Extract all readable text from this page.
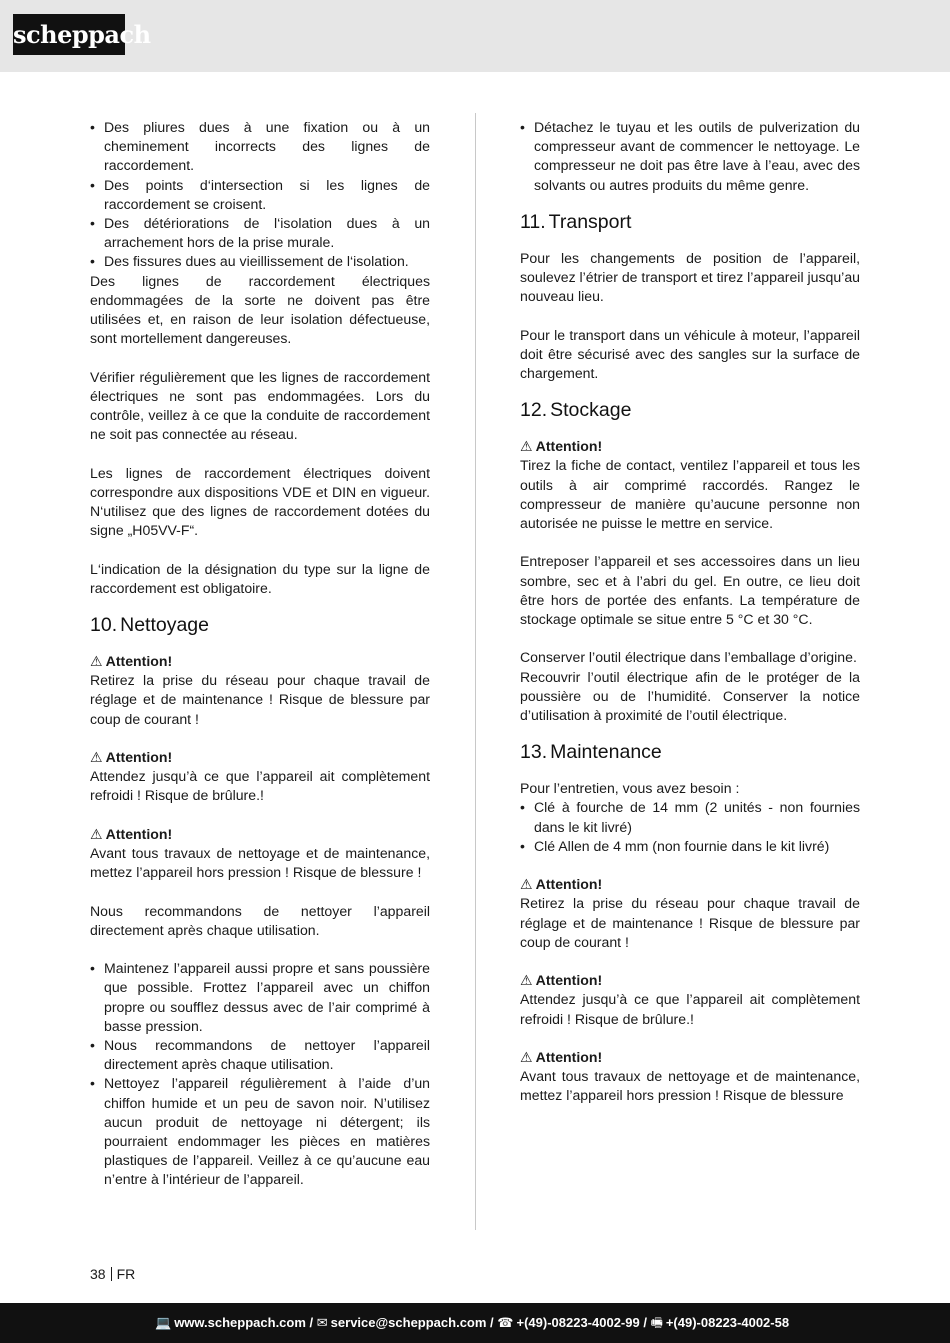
scheppach
• Des pliures dues à une fixation ou à un cheminement incorrects des lignes de raccordement.
• Des points d‘intersection si les lignes de raccordement se croisent.
• Des détériorations de l‘isolation dues à un arrachement hors de la prise murale.
• Des fissures dues au vieillissement de l‘isolation.

Des lignes de raccordement électriques endommagées de la sorte ne doivent pas être utilisées et, en raison de leur isolation défectueuse, sont mortellement dangereuses.

Vérifier régulièrement que les lignes de raccordement électriques ne sont pas endommagées. Lors du contrôle, veillez à ce que la conduite de raccordement ne soit pas connectée au réseau.

Les lignes de raccordement électriques doivent correspondre aux dispositions VDE et DIN en vigueur. N‘utilisez que des lignes de raccordement dotées du signe „H05VV-F“.

L‘indication de la désignation du type sur la ligne de raccordement est obligatoire.

10. Nettoyage

⚠ Attention!

Retirez la prise du réseau pour chaque travail de réglage et de maintenance ! Risque de blessure par coup de courant !

⚠ Attention!

Attendez jusqu’à ce que l’appareil ait complètement refroidi ! Risque de brûlure.!

⚠ Attention!

Avant tous travaux de nettoyage et de maintenance, mettez l’appareil hors pression ! Risque de blessure !

Nous recommandons de nettoyer l’appareil directement après chaque utilisation.

• Maintenez l’appareil aussi propre et sans poussière que possible. Frottez l’appareil avec un chiffon propre ou soufflez dessus avec de l’air comprimé à basse pression.
• Nous recommandons de nettoyer l’appareil directement après chaque utilisation.
• Nettoyez l’appareil régulièrement à l’aide d’un chiffon humide et un peu de savon noir. N’utilisez aucun produit de nettoyage ni détergent; ils pourraient endommager les pièces en matières plastiques de l’appareil. Veillez à ce qu’aucune eau n’entre à l’intérieur de l’appareil.
• Détachez le tuyau et les outils de pulverization du compresseur avant de commencer le nettoyage. Le compresseur ne doit pas être lave à l’eau, avec des solvants ou autres produits du même genre.
11. Transport

Pour les changements de position de l’appareil, soulevez l’étrier de transport et tirez l’appareil jusqu’au nouveau lieu.

Pour le transport dans un véhicule à moteur, l’appareil doit être sécurisé avec des sangles sur la surface de chargement.

12. Stockage

⚠ Attention!

Tirez la fiche de contact, ventilez l’appareil et tous les outils à air comprimé raccordés. Rangez le compresseur de manière qu’aucune personne non autorisée ne puisse le mettre en service.

Entreposer l’appareil et ses accessoires dans un lieu sombre, sec et à l’abri du gel. En outre, ce lieu doit être hors de portée des enfants. La température de stockage optimale se situe entre 5 °C et 30 °C.

Conserver l’outil électrique dans l’emballage d’origine.

Recouvrir l’outil électrique afin de le protéger de la poussière ou de l’humidité. Conserver la notice d’utilisation à proximité de l’outil électrique.

13. Maintenance

Pour l’entretien, vous avez besoin :

• Clé à fourche de 14 mm (2 unités - non fournies dans le kit livré)
• Clé Allen de 4 mm (non fournie dans le kit livré)

⚠ Attention!

Retirez la prise du réseau pour chaque travail de réglage et de maintenance ! Risque de blessure par coup de courant !

⚠ Attention!

Attendez jusqu’à ce que l’appareil ait complètement refroidi ! Risque de brûlure.!

⚠ Attention!

Avant tous travaux de nettoyage et de maintenance, mettez l’appareil hors pression ! Risque de blessure

38 FR
💻 www.scheppach.com / ✉ service@scheppach.com / ☎ +(49)-08223-4002-99 / 🖷 +(49)-08223-4002-58
